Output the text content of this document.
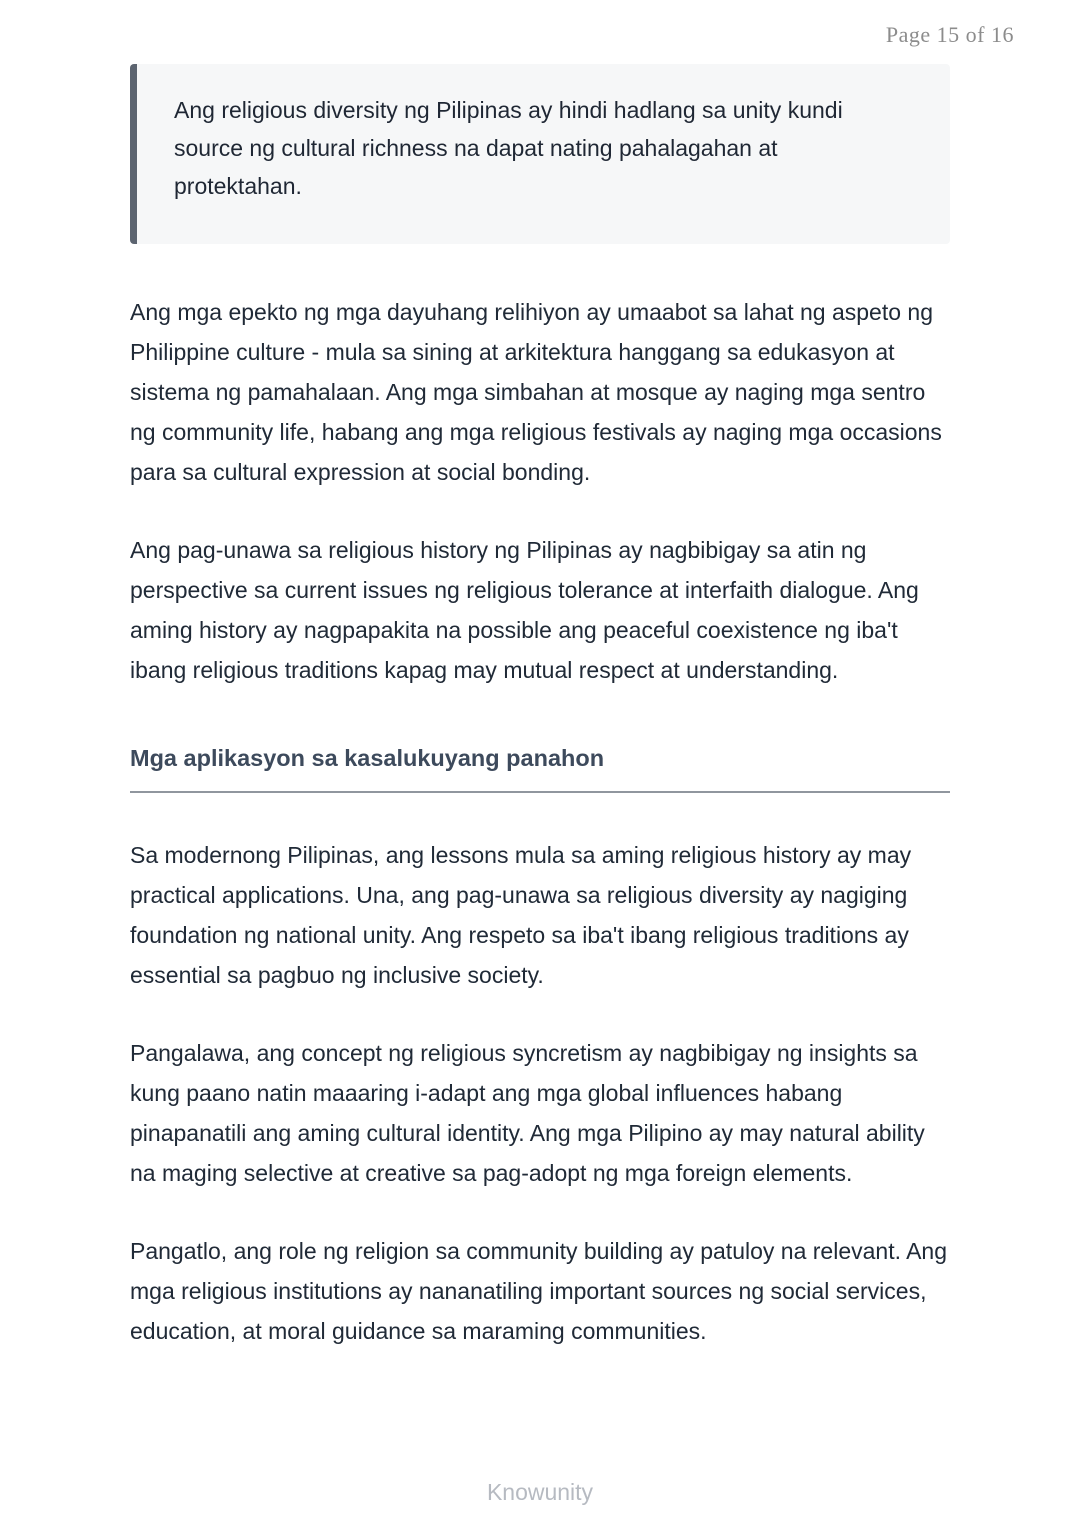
Page 15 of 16

Ang religious diversity ng Pilipinas ay hindi hadlang sa unity kundi source ng cultural richness na dapat nating pahalagahan at protektahan.

Ang mga epekto ng mga dayuhang relihiyon ay umaabot sa lahat ng aspeto ng Philippine culture - mula sa sining at arkitektura hanggang sa edukasyon at sistema ng pamahalaan. Ang mga simbahan at mosque ay naging mga sentro ng community life, habang ang mga religious festivals ay naging mga occasions para sa cultural expression at social bonding.

Ang pag-unawa sa religious history ng Pilipinas ay nagbibigay sa atin ng perspective sa current issues ng religious tolerance at interfaith dialogue. Ang aming history ay nagpapakita na possible ang peaceful coexistence ng iba't ibang religious traditions kapag may mutual respect at understanding.

Mga aplikasyon sa kasalukuyang panahon

Sa modernong Pilipinas, ang lessons mula sa aming religious history ay may practical applications. Una, ang pag-unawa sa religious diversity ay nagiging foundation ng national unity. Ang respeto sa iba't ibang religious traditions ay essential sa pagbuo ng inclusive society.

Pangalawa, ang concept ng religious syncretism ay nagbibigay ng insights sa kung paano natin maaaring i-adapt ang mga global influences habang pinapanatili ang aming cultural identity. Ang mga Pilipino ay may natural ability na maging selective at creative sa pag-adopt ng mga foreign elements.

Pangatlo, ang role ng religion sa community building ay patuloy na relevant. Ang mga religious institutions ay nananatiling important sources ng social services, education, at moral guidance sa maraming communities.

Knowunity
